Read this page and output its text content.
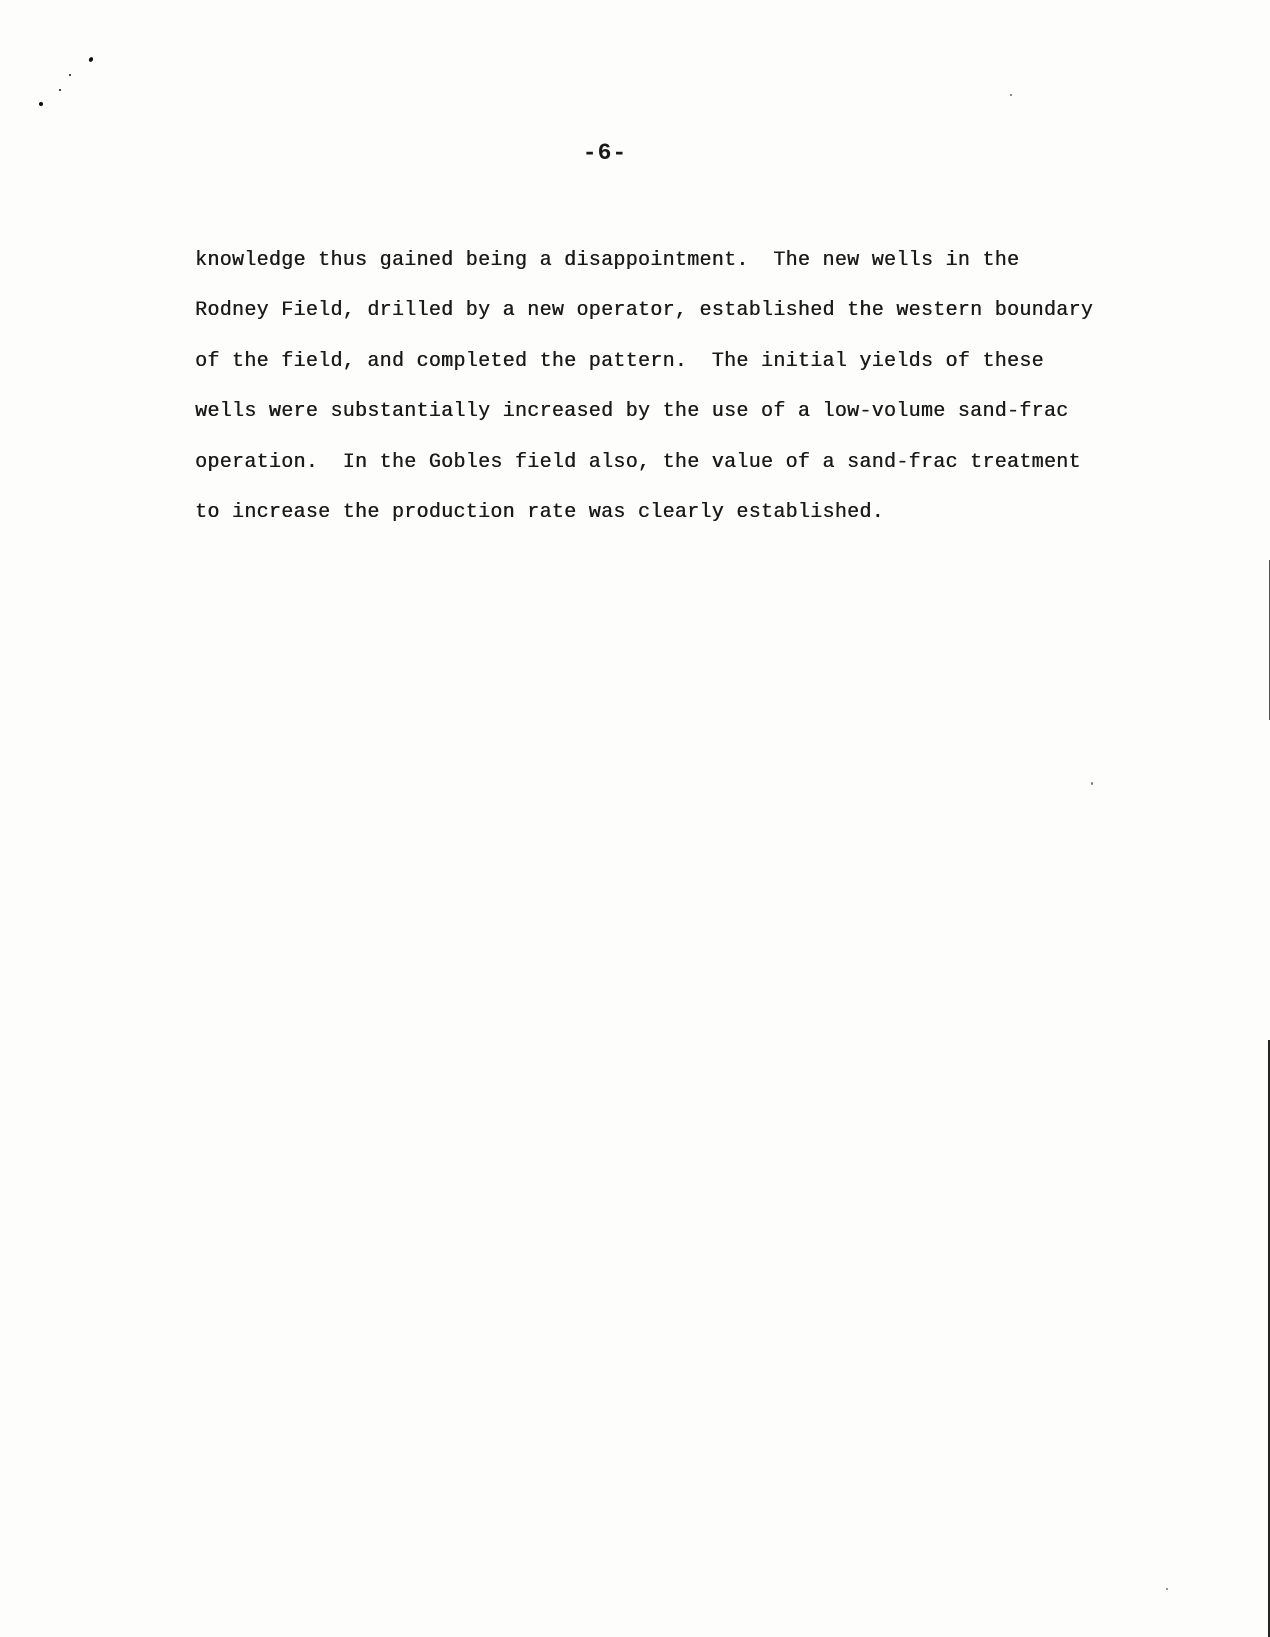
-6-

knowledge thus gained being a disappointment.  The new wells in the
Rodney Field, drilled by a new operator, established the western boundary
of the field, and completed the pattern.  The initial yields of these
wells were substantially increased by the use of a low-volume sand-frac
operation.  In the Gobles field also, the value of a sand-frac treatment
to increase the production rate was clearly established.
